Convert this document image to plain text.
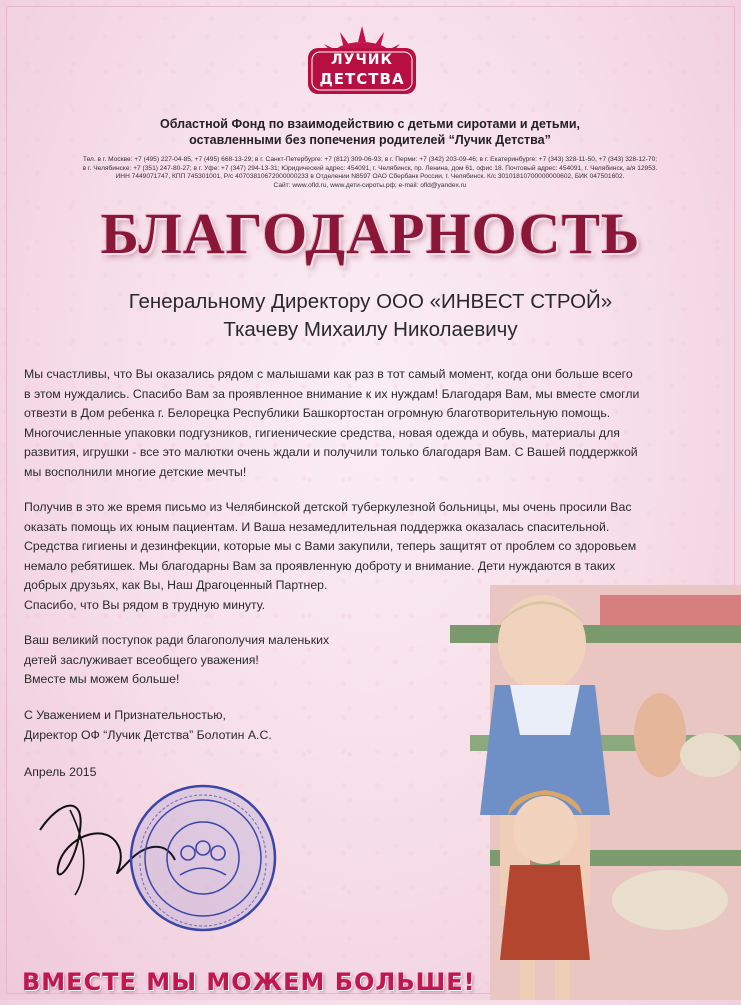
ЛУЧИК
ДЕТСТВА
Областной Фонд по взаимодействию с детьми сиротами и детьми,
оставленными без попечения родителей “Лучик Детства”
Тел. в г. Москве: +7 (495) 227-04-85, +7 (495) 668-13-29; в г. Санкт-Петербурге: +7 (812) 309-06-93; в г. Перми: +7 (342) 203-09-46; в г. Екатеринбурге: +7 (343) 328-11-50, +7 (343) 328-12-70;
в г. Челябинске: +7 (351) 247-80-27; в г. Уфе: +7 (347) 294-13-31; Юридический адрес: 454091, г. Челябинск, пр. Ленина, дом 61, офис 18. Почтовый адрес: 454091, г. Челябинск, а/я 12953.
ИНН 7449071747, КПП 745301001, Р/с 40703810672000000233 в Отделении N8597 ОАО Сбербанк России, г. Челябинск. К/с 30101810700000000602, БИК 047501602.
Сайт: www.ofld.ru, www.дети-сироты.рф; e-mail: ofld@yandex.ru
БЛАГОДАРНОСТЬ
Генеральному Директору ООО «ИНВЕСТ СТРОЙ»
Ткачеву Михаилу Николаевичу

Мы счастливы, что Вы оказались рядом с малышами как раз в тот самый момент, когда они больше всего
в этом нуждались. Спасибо Вам за проявленное внимание к их нуждам! Благодаря Вам, мы вместе смогли
отвезти в Дом ребенка г. Белорецка Республики Башкортостан огромную благотворительную помощь.
Многочисленные упаковки подгузников, гигиенические средства, новая одежда и обувь, материалы для
развития, игрушки - все это малютки очень ждали и получили только благодаря Вам. С Вашей поддержкой
мы восполнили многие детские мечты!

Получив в это же время письмо из Челябинской детской туберкулезной больницы, мы очень просили Вас
оказать помощь их юным пациентам. И Ваша незамедлительная поддержка оказалась спасительной.
Средства гигиены и дезинфекции, которые мы с Вами закупили, теперь защитят от проблем со здоровьем
немало ребятишек. Мы благодарны Вам за проявленную доброту и внимание. Дети нуждаются в таких
добрых друзьях, как Вы, Наш Драгоценный Партнер.
Спасибо, что Вы рядом в трудную минуту.

Ваш великий поступок ради благополучия маленьких
детей заслуживает всеобщего уважения!
Вместе мы можем больше!

С Уважением и Признательностью,
Директор ОФ “Лучик Детства” Болотин А.С.
Апрель 2015
ВМЕСТЕ МЫ МОЖЕМ БОЛЬШЕ!
